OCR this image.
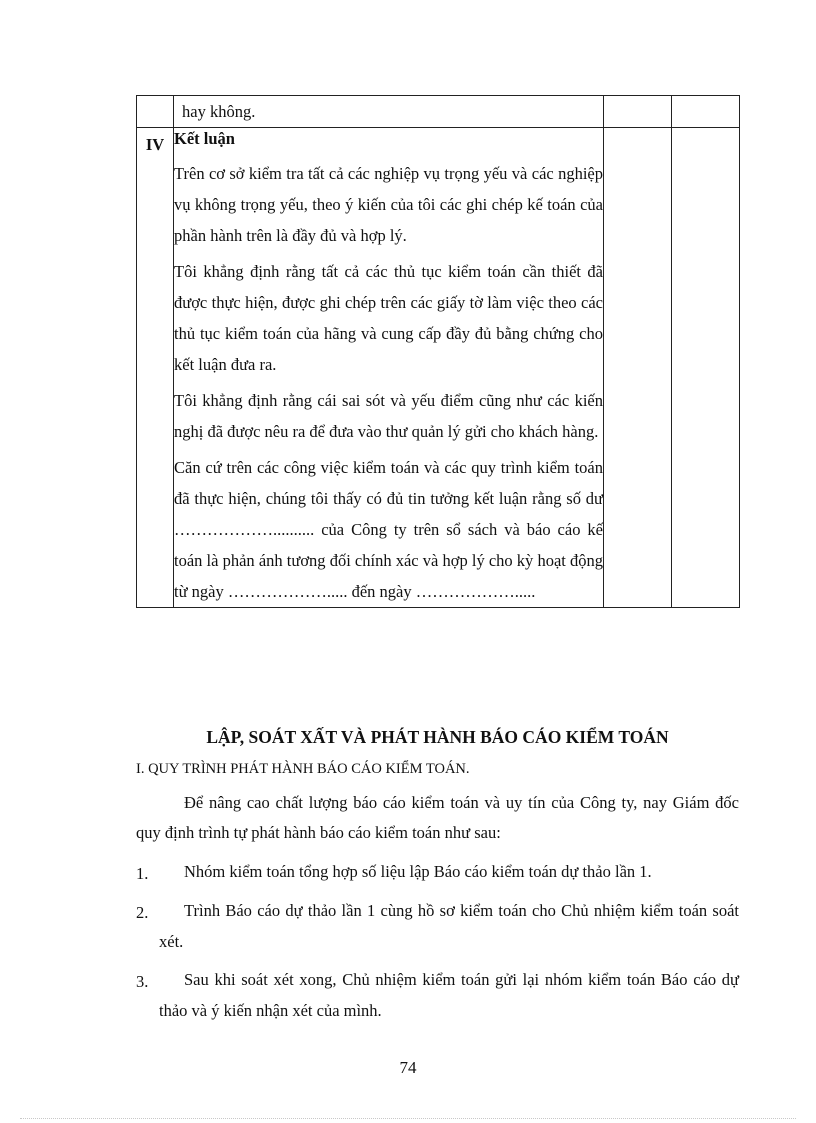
	hay không.		

IV	Kết luận
Trên cơ sở kiểm tra tất cả các nghiệp vụ trọng yếu và các nghiệp vụ không trọng yếu, theo ý kiến của tôi các ghi chép kế toán của phần hành trên là đầy đủ và hợp lý.
Tôi khẳng định rằng tất cả các thủ tục kiểm toán cần thiết đã được thực hiện, được ghi chép trên các giấy tờ làm việc theo các thủ tục kiểm toán của hãng và cung cấp đầy đủ bằng chứng cho kết luận đưa ra.
Tôi khẳng định rằng cái sai sót và yếu điểm cũng như các kiến nghị đã được nêu ra để đưa vào thư quản lý gửi cho khách hàng.
Căn cứ trên các công việc kiểm toán và các quy trình kiểm toán đã thực hiện, chúng tôi thấy có đủ tin tưởng kết luận rằng số dư ……………….......... của Công ty trên sổ sách và báo cáo kế toán là phản ánh tương đối chính xác và hợp lý cho kỳ hoạt động từ ngày ………………..... đến ngày ……………….....		

LẬP, SOÁT XẤT VÀ PHÁT HÀNH BÁO CÁO KIỂM TOÁN
I. QUY TRÌNH PHÁT HÀNH BÁO CÁO KIỂM TOÁN.
Để nâng cao chất lượng báo cáo kiểm toán và uy tín của Công ty, nay Giám đốc quy định trình tự phát hành báo cáo kiểm toán như sau:
1.	Nhóm kiểm toán tổng hợp số liệu lập Báo cáo kiểm toán dự thảo lần 1.
2.	Trình Báo cáo dự thảo lần 1 cùng hồ sơ kiểm toán cho Chủ nhiệm kiểm toán soát xét.
3.	Sau khi soát xét xong, Chủ nhiệm kiểm toán gửi lại nhóm kiểm toán Báo cáo dự thảo và ý kiến nhận xét của mình.
74
